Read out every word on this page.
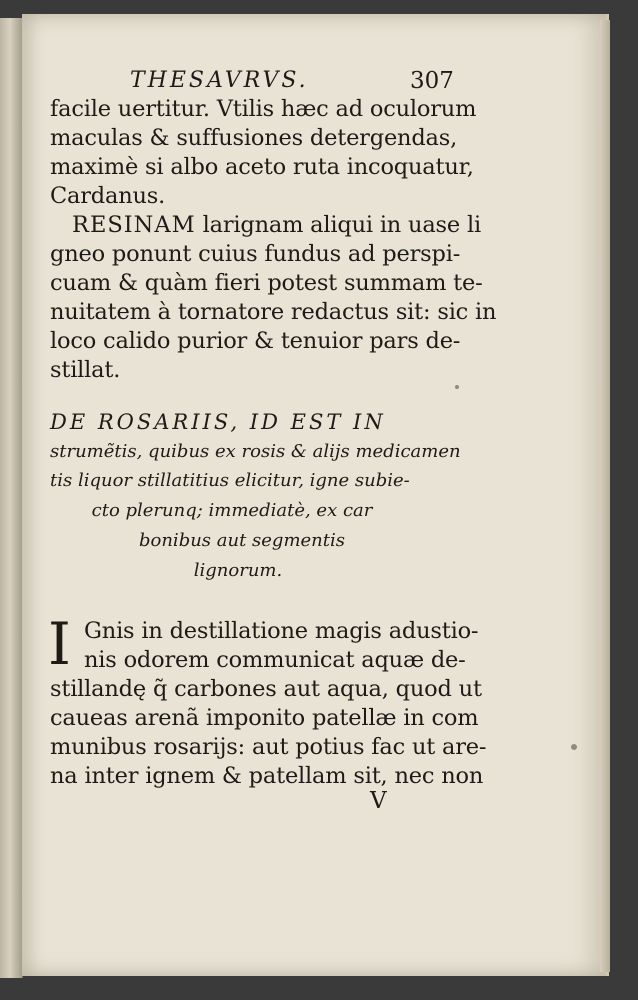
THESAVRVS.	307
facile uertitur. Vtilis hæc ad oculorum
maculas & suffusiones detergendas,
maximè si albo aceto ruta incoquatur,
Cardanus.
RESINAM larignam aliqui in uase li
gneo ponunt cuius fundus ad perspi-
cuam & quàm fieri potest summam te-
nuitatem à tornatore redactus sit: sic in
loco calido purior & tenuior pars de-
stillat.
DE ROSARIIS, ID EST IN
strumẽtis, quibus ex rosis & alijs medicamen
tis liquor stillatitius elicitur, igne subie-
cto plerunq; immediatè, ex car
bonibus aut segmentis
lignorum.
I Gnis in destillatione magis adustio-
nis odorem communicat aquæ de-
stillandę q̃ carbones aut aqua, quod ut
caueas arenã imponito patellæ in com
munibus rosarijs: aut potius fac ut are-
na inter ignem & patellam sit, nec non
V
